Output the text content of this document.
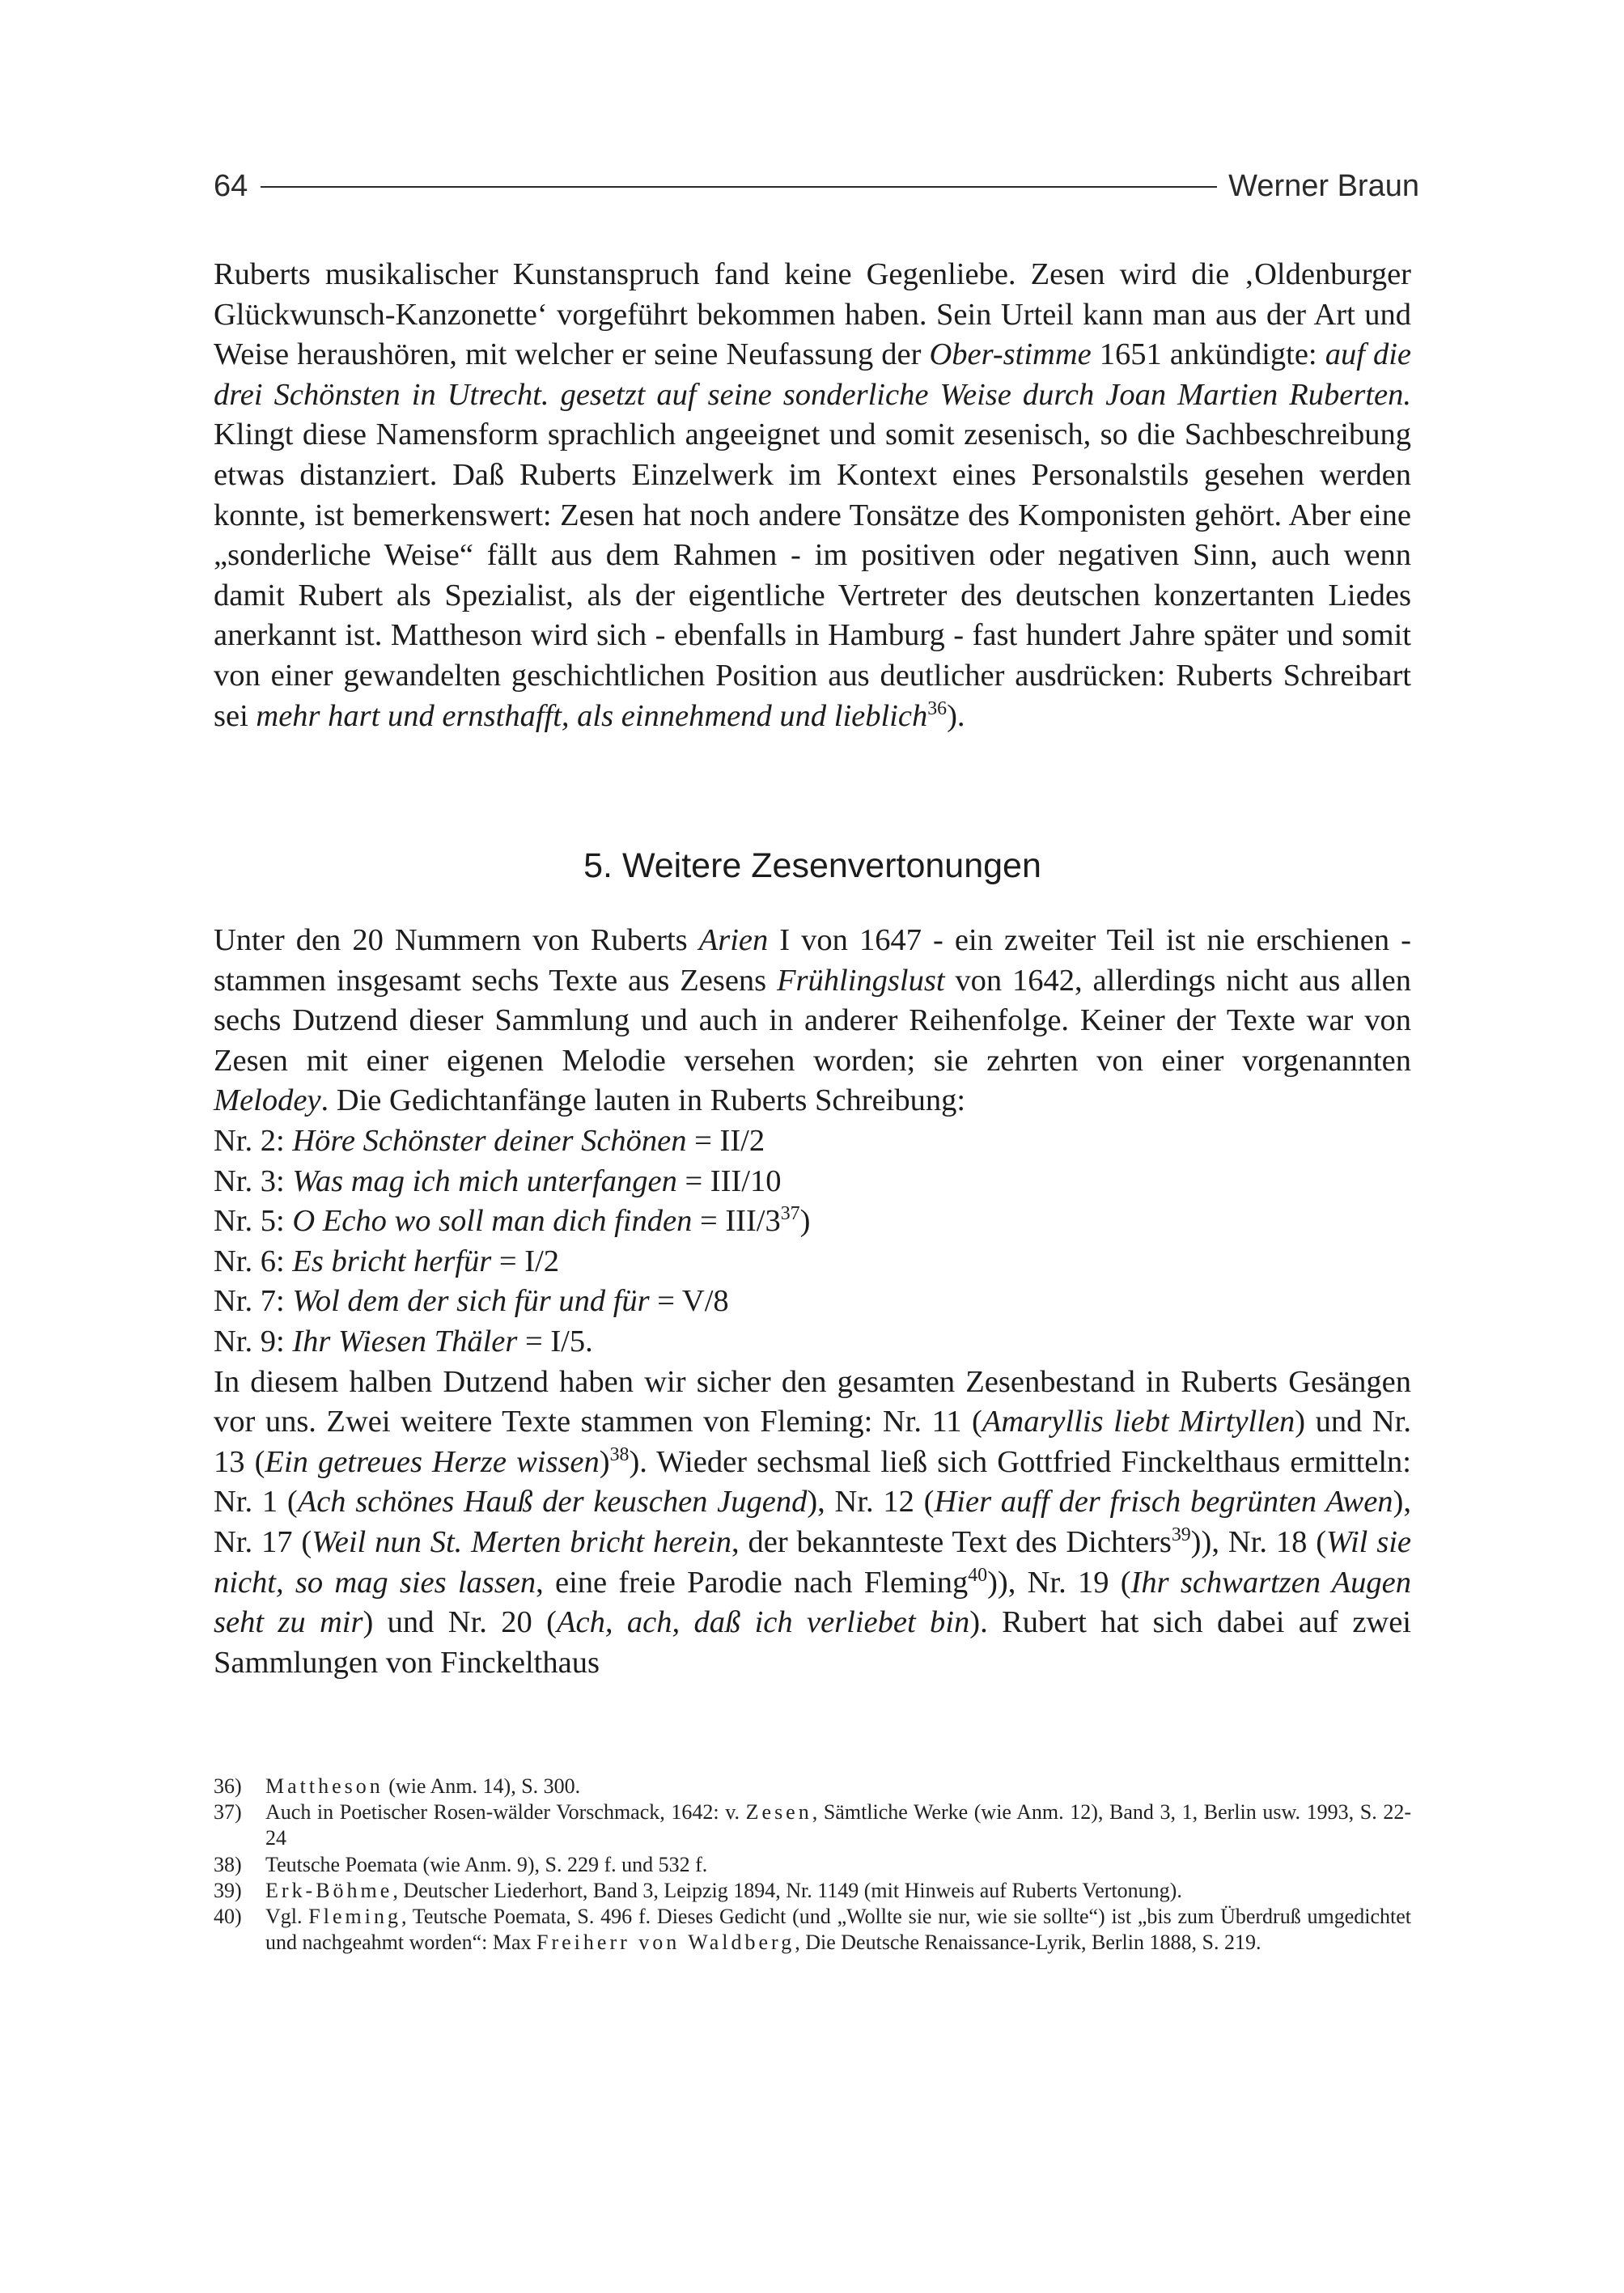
64	Werner Braun

Ruberts musikalischer Kunstanspruch fand keine Gegenliebe. Zesen wird die ‚Oldenburger Glückwunsch-Kanzonette‘ vorgeführt bekommen haben. Sein Urteil kann man aus der Art und Weise heraushören, mit welcher er seine Neufassung der Ober-stimme 1651 ankündigte: auf die drei Schönsten in Utrecht. gesetzt auf seine sonderliche Weise durch Joan Martien Ruberten. Klingt diese Namensform sprachlich angeeignet und somit zesenisch, so die Sachbeschreibung etwas distanziert. Daß Ruberts Einzelwerk im Kontext eines Personalstils gesehen werden konnte, ist bemerkenswert: Zesen hat noch andere Tonsätze des Komponisten gehört. Aber eine „sonderliche Weise“ fällt aus dem Rahmen - im positiven oder negativen Sinn, auch wenn damit Rubert als Spezialist, als der eigentliche Vertreter des deutschen konzertanten Liedes anerkannt ist. Mattheson wird sich - ebenfalls in Hamburg - fast hundert Jahre später und somit von einer gewandelten geschichtlichen Position aus deutlicher ausdrücken: Ruberts Schreibart sei mehr hart und ernsthafft, als einnehmend und lieblich$^{36}$).

5. Weitere Zesenvertonungen

Unter den 20 Nummern von Ruberts Arien I von 1647 - ein zweiter Teil ist nie erschienen - stammen insgesamt sechs Texte aus Zesens Frühlingslust von 1642, allerdings nicht aus allen sechs Dutzend dieser Sammlung und auch in anderer Reihenfolge. Keiner der Texte war von Zesen mit einer eigenen Melodie versehen worden; sie zehrten von einer vorgenannten Melodey. Die Gedichtanfänge lauten in Ruberts Schreibung:

Nr. 2: Höre Schönster deiner Schönen = II/2
Nr. 3: Was mag ich mich unterfangen = III/10
Nr. 5: O Echo wo soll man dich finden = III/$3^{37}$)
Nr. 6: Es bricht herfür = I/2
Nr. 7: Wol dem der sich für und für = V/8
Nr. 9: Ihr Wiesen Thäler = I/5.

In diesem halben Dutzend haben wir sicher den gesamten Zesenbestand in Ruberts Gesängen vor uns. Zwei weitere Texte stammen von Fleming: Nr. 11 (Amaryllis liebt Mirtyllen) und Nr. 13 (Ein getreues Herze wissen)$^{38}$). Wieder sechsmal ließ sich Gottfried Finckelthaus ermitteln: Nr. 1 (Ach schönes Hauß der keuschen Jugend), Nr. 12 (Hier auff der frisch begrünten Awen), Nr. 17 (Weil nun St. Merten bricht herein, der bekannteste Text des Dichters$^{39}$)), Nr. 18 (Wil sie nicht, so mag sies lassen, eine freie Parodie nach Fleming$^{40}$)), Nr. 19 (Ihr schwartzen Augen seht zu mir) und Nr. 20 (Ach, ach, daß ich verliebet bin). Rubert hat sich dabei auf zwei Sammlungen von Finckelthaus

36) Mattheson (wie Anm. 14), S. 300.
37) Auch in Poetischer Rosen-wälder Vorschmack, 1642: v. Zesen, Sämtliche Werke (wie Anm. 12), Band 3, 1, Berlin usw. 1993, S. 22-24
38) Teutsche Poemata (wie Anm. 9), S. 229 f. und 532 f.
39) Erk-Böhme, Deutscher Liederhort, Band 3, Leipzig 1894, Nr. 1149 (mit Hinweis auf Ruberts Vertonung).
40) Vgl. Fleming, Teutsche Poemata, S. 496 f. Dieses Gedicht (und „Wollte sie nur, wie sie sollte“) ist „bis zum Überdruß umgedichtet und nachgeahmt worden“: Max Freiherr von Waldberg, Die Deutsche Renaissance-Lyrik, Berlin 1888, S. 219.
